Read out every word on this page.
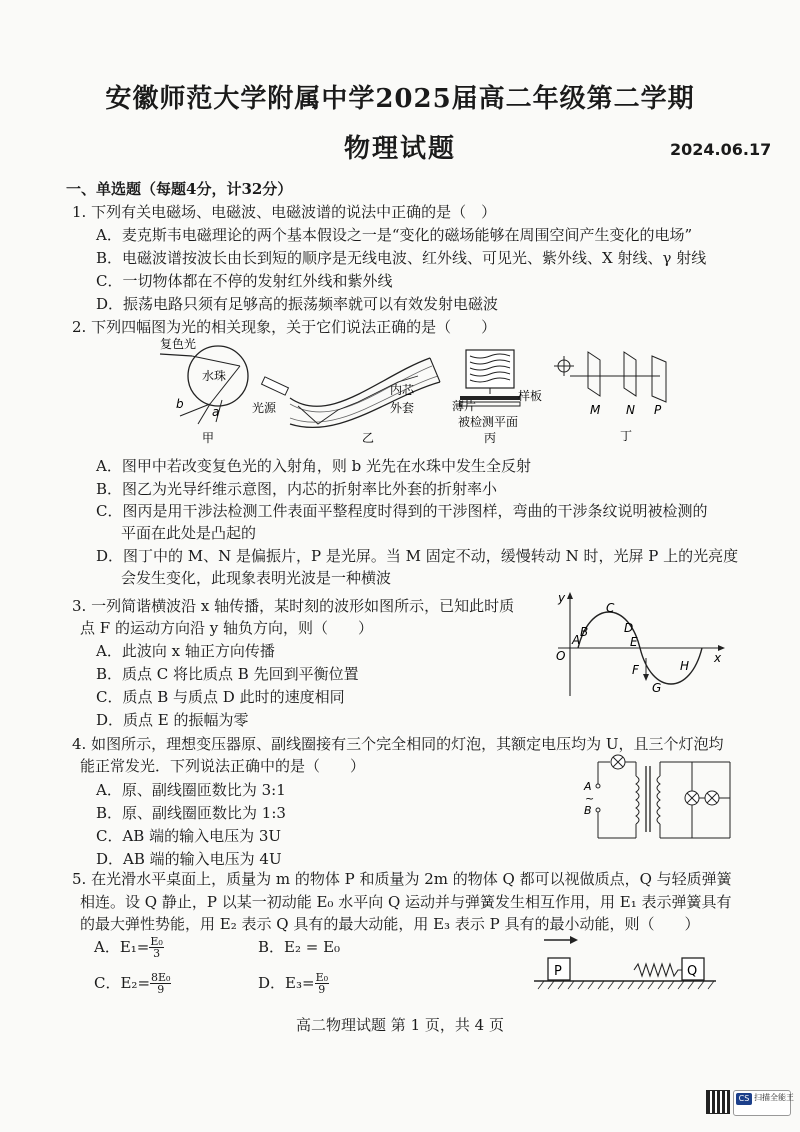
安徽师范大学附属中学2025届高二年级第二学期
物理试题	2024.06.17
一、单选题（每题4分，计32分）
1. 下列有关电磁场、电磁波、电磁波谱的说法中正确的是（　）
A．麦克斯韦电磁理论的两个基本假设之一是“变化的磁场能够在周围空间产生变化的电场”
B．电磁波谱按波长由长到短的顺序是无线电波、红外线、可见光、紫外线、X 射线、γ 射线
C．一切物体都在不停的发射红外线和紫外线
D．振荡电路只须有足够高的振荡频率就可以有效发射电磁波
2. 下列四幅图为光的相关现象，关于它们说法正确的是（　　）
复色光
水珠
b
a
甲
光源
内芯
外套
乙
薄片
样板
被检测平面
丙
M N P
丁
A．图甲中若改变复色光的入射角，则 b 光先在水珠中发生全反射
B．图乙为光导纤维示意图，内芯的折射率比外套的折射率小
C．图丙是用干涉法检测工件表面平整程度时得到的干涉图样，弯曲的干涉条纹说明被检测的
平面在此处是凸起的
D．图丁中的 M、N 是偏振片，P 是光屏。当 M 固定不动，缓慢转动 N 时，光屏 P 上的光亮度
会发生变化，此现象表明光波是一种横波
3. 一列简谐横波沿 x 轴传播，某时刻的波形如图所示，已知此时质
点 F 的运动方向沿 y 轴负方向，则（　　）
A．此波向 x 轴正方向传播
B．质点 C 将比质点 B 先回到平衡位置
C．质点 B 与质点 D 此时的速度相同
D．质点 E 的振幅为零
y
x
O
A
B
C
D
E
F
G
H
4. 如图所示，理想变压器原、副线圈接有三个完全相同的灯泡，其额定电压均为 U，且三个灯泡均
能正常发光．下列说法正确中的是（　　）
A．原、副线圈匝数比为 3:1
B．原、副线圈匝数比为 1:3
C．AB 端的输入电压为 3U
D．AB 端的输入电压为 4U
A
~
B
5. 在光滑水平桌面上，质量为 m 的物体 P 和质量为 2m 的物体 Q 都可以视做质点，Q 与轻质弹簧
相连。设 Q 静止，P 以某一初动能 E₀ 水平向 Q 运动并与弹簧发生相互作用，用 E₁ 表示弹簧具有
的最大弹性势能，用 E₂ 表示 Q 具有的最大动能，用 E₃ 表示 P 具有的最小动能，则（　　）
A．$E_1= \frac{\text{E₀}}{3}$	B．E₂ = E₀
C．$E_2= \frac{\text{8E₀}}{9}$	D．$E_3= \frac{\text{E₀}}{9}$	P	Q
高二物理试题 第 1 页，共 4 页
CS 扫描全能王
